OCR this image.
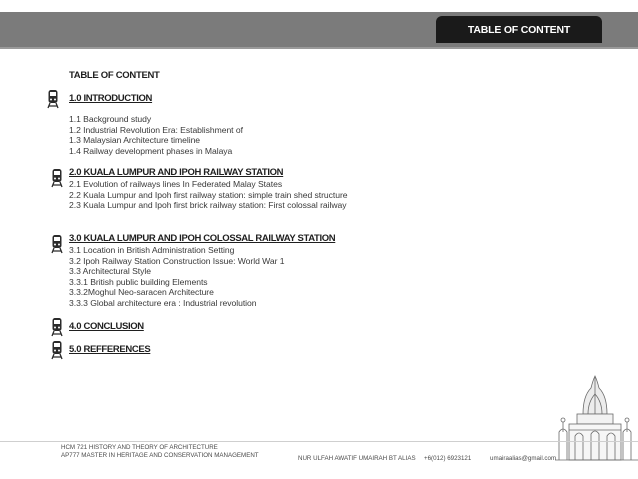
TABLE OF CONTENT
TABLE OF CONTENT
1.0 INTRODUCTION
1.1 Background study
1.2 Industrial Revolution Era: Establishment of
1.3 Malaysian Architecture timeline
1.4 Railway development phases in Malaya
2.0 KUALA LUMPUR AND IPOH RAILWAY STATION
2.1 Evolution of railways lines In Federated Malay States
2.2 Kuala Lumpur and Ipoh first railway station: simple train shed structure
2.3 Kuala Lumpur and Ipoh first brick railway station: First colossal railway
3.0 KUALA LUMPUR AND IPOH COLOSSAL RAILWAY STATION
3.1 Location in British Administration Setting
3.2 Ipoh Railway Station Construction Issue: World War 1
3.3 Architectural Style
3.3.1 British public building Elements
3.3.2Moghul Neo-saracen Architecture
3.3.3 Global architecture era : Industrial revolution
4.0 CONCLUSION
5.0 REFFERENCES
HCM 721 HISTORY AND THEORY OF ARCHITECTURE
AP777 MASTER IN HERITAGE AND CONSERVATION MANAGEMENT	NUR ULFAH AWATIF UMAIRAH BT ALIAS +6(012) 6923121	umairaalias@gmail.com
